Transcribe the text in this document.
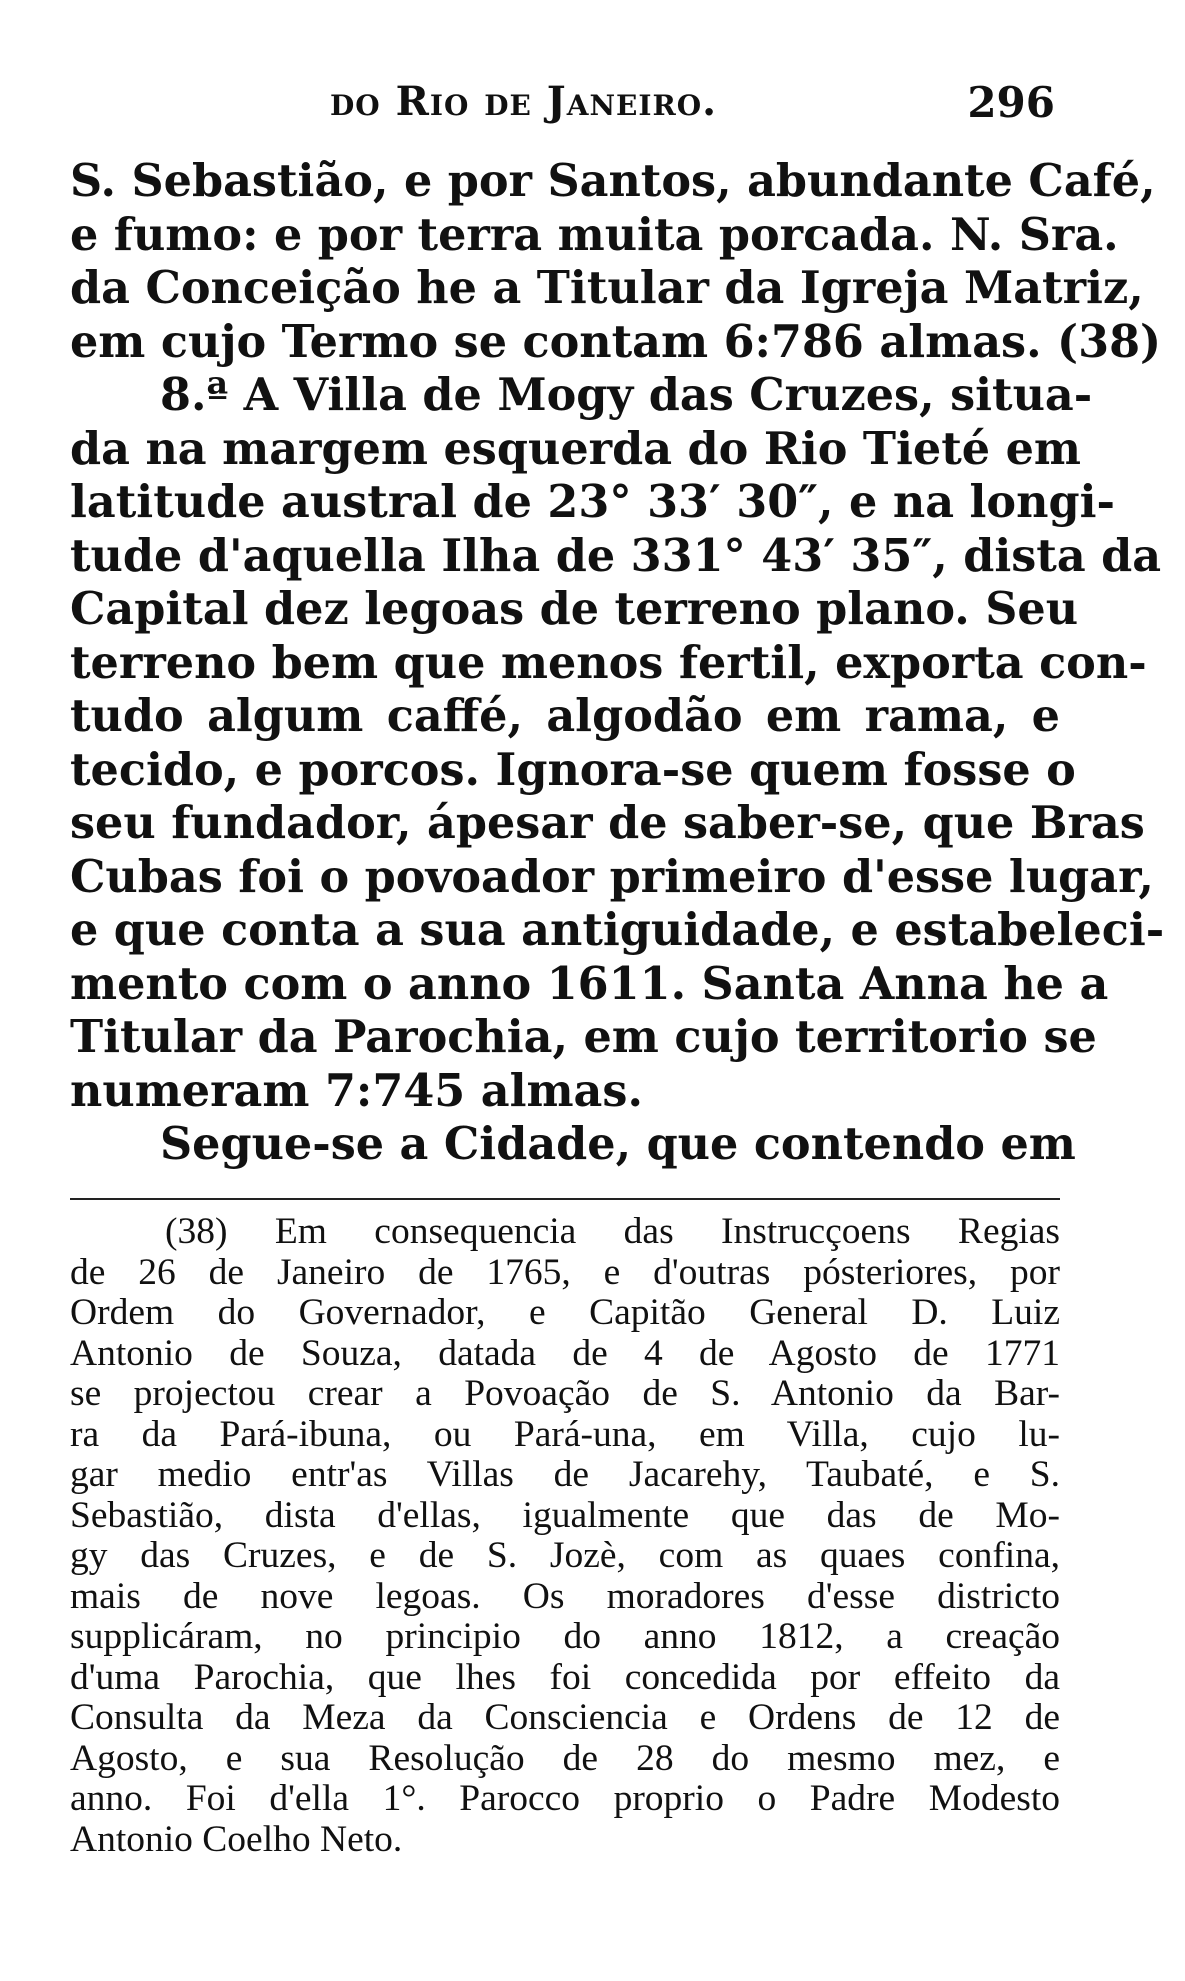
do Rio de Janeiro.	296
S. Sebastião, e por Santos, abundante Café,
e fumo: e por terra muita porcada. N. Sra.
da Conceição he a Titular da Igreja Matriz,
em cujo Termo se contam 6:786 almas. (38)
8.ª A Villa de Mogy das Cruzes, situa-
da na margem esquerda do Rio Tieté em
latitude austral de 23° 33′ 30″, e na longi-
tude d'aquella Ilha de 331° 43′ 35″, dista da
Capital dez legoas de terreno plano. Seu
terreno bem que menos fertil, exporta con-
tudo algum caffé, algodão em rama, e
tecido, e porcos. Ignora-se quem fosse o
seu fundador, ápesar de saber-se, que Bras
Cubas foi o povoador primeiro d'esse lugar,
e que conta a sua antiguidade, e estabeleci-
mento com o anno 1611. Santa Anna he a
Titular da Parochia, em cujo territorio se
numeram 7:745 almas.
Segue-se a Cidade, que contendo em
(38) Em consequencia das Instrucçoens Regias
de 26 de Janeiro de 1765, e d'outras pósteriores, por
Ordem do Governador, e Capitão General D. Luiz
Antonio de Souza, datada de 4 de Agosto de 1771
se projectou crear a Povoação de S. Antonio da Bar-
ra da Pará-ibuna, ou Pará-una, em Villa, cujo lu-
gar medio entr'as Villas de Jacarehy, Taubaté, e S.
Sebastião, dista d'ellas, igualmente que das de Mo-
gy das Cruzes, e de S. Jozè, com as quaes confina,
mais de nove legoas. Os moradores d'esse districto
supplicáram, no principio do anno 1812, a creação
d'uma Parochia, que lhes foi concedida por effeito da
Consulta da Meza da Consciencia e Ordens de 12 de
Agosto, e sua Resolução de 28 do mesmo mez, e
anno. Foi d'ella 1°. Parocco proprio o Padre Modesto
Antonio Coelho Neto.
